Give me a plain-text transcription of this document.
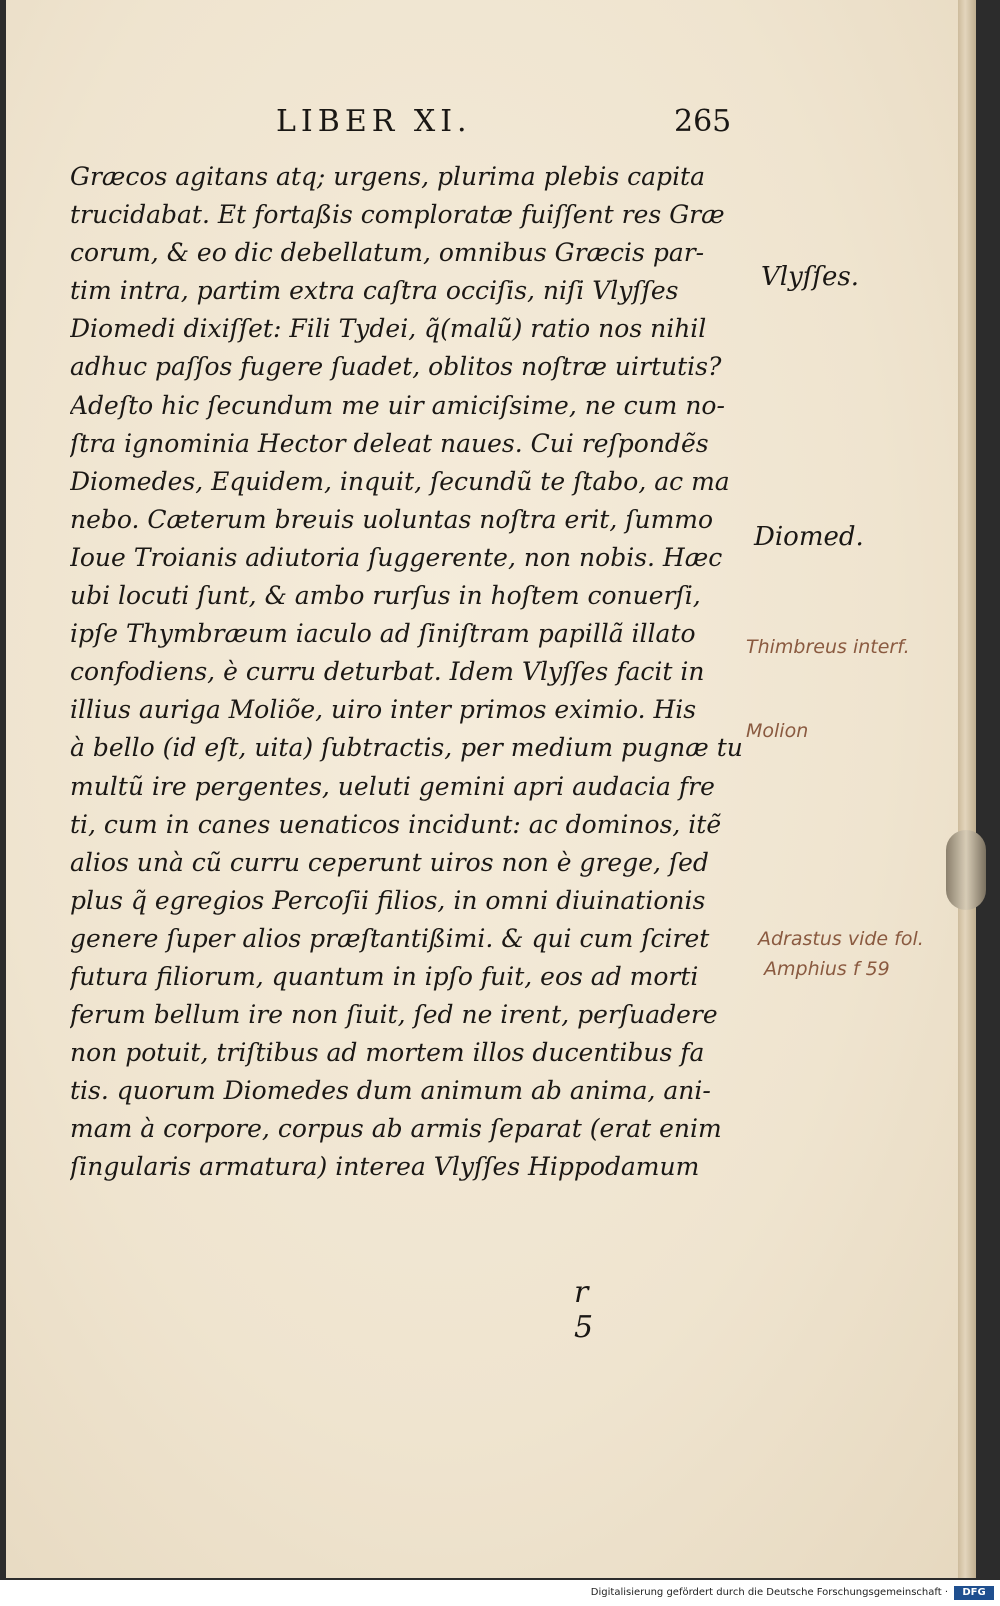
LIBER XI.	265
Græcos agitans atq; urgens, plurima plebis capita
trucidabat. Et fortaßis comploratæ fuiſſent res Græ
corum, & eo dic debellatum, omnibus Græcis par-
tim intra, partim extra caſtra occiſis, niſi Vlyſſes
Diomedi dixiſſet: Fili Tydei, q̃(malũ) ratio nos nihil
adhuc paſſos fugere ſuadet, oblitos noſtræ uirtutis?
Adeſto hic ſecundum me uir amiciſsime, ne cum no-
ſtra ignominia Hector deleat naues. Cui reſpondẽs
Diomedes, Equidem, inquit, ſecundũ te ſtabo, ac ma
nebo. Cæterum breuis uoluntas noſtra erit, ſummo
Ioue Troianis adiutoria ſuggerente, non nobis. Hæc
ubi locuti ſunt, & ambo rurſus in hoſtem conuerſi,
ipſe Thymbræum iaculo ad ſiniſtram papillã illato
confodiens, è curru deturbat. Idem Vlyſſes facit in
illius auriga Moliõe, uiro inter primos eximio. His
à bello (id eſt, uita) ſubtractis, per medium pugnæ tu
multũ ire pergentes, ueluti gemini apri audacia fre
ti, cum in canes uenaticos incidunt: ac dominos, itẽ
alios unà cũ curru ceperunt uiros non è grege, ſed
plus q̃ egregios Percoſii filios, in omni diuinationis
genere ſuper alios præſtantißimi. & qui cum ſciret
futura filiorum, quantum in ipſo fuit, eos ad morti
ferum bellum ire non ſiuit, ſed ne irent, perſuadere
non potuit, triſtibus ad mortem illos ducentibus fa
tis. quorum Diomedes dum animum ab anima, ani-
mam à corpore, corpus ab armis ſeparat (erat enim
ſingularis armatura) interea Vlyſſes Hippodamum
r 5
Vlyſſes.
Diomed.
Thimbreus interf.
Molion
Adrastus vide fol.
Amphius f 59
Digitalisierung gefördert durch die Deutsche Forschungsgemeinschaft ·	DFG
